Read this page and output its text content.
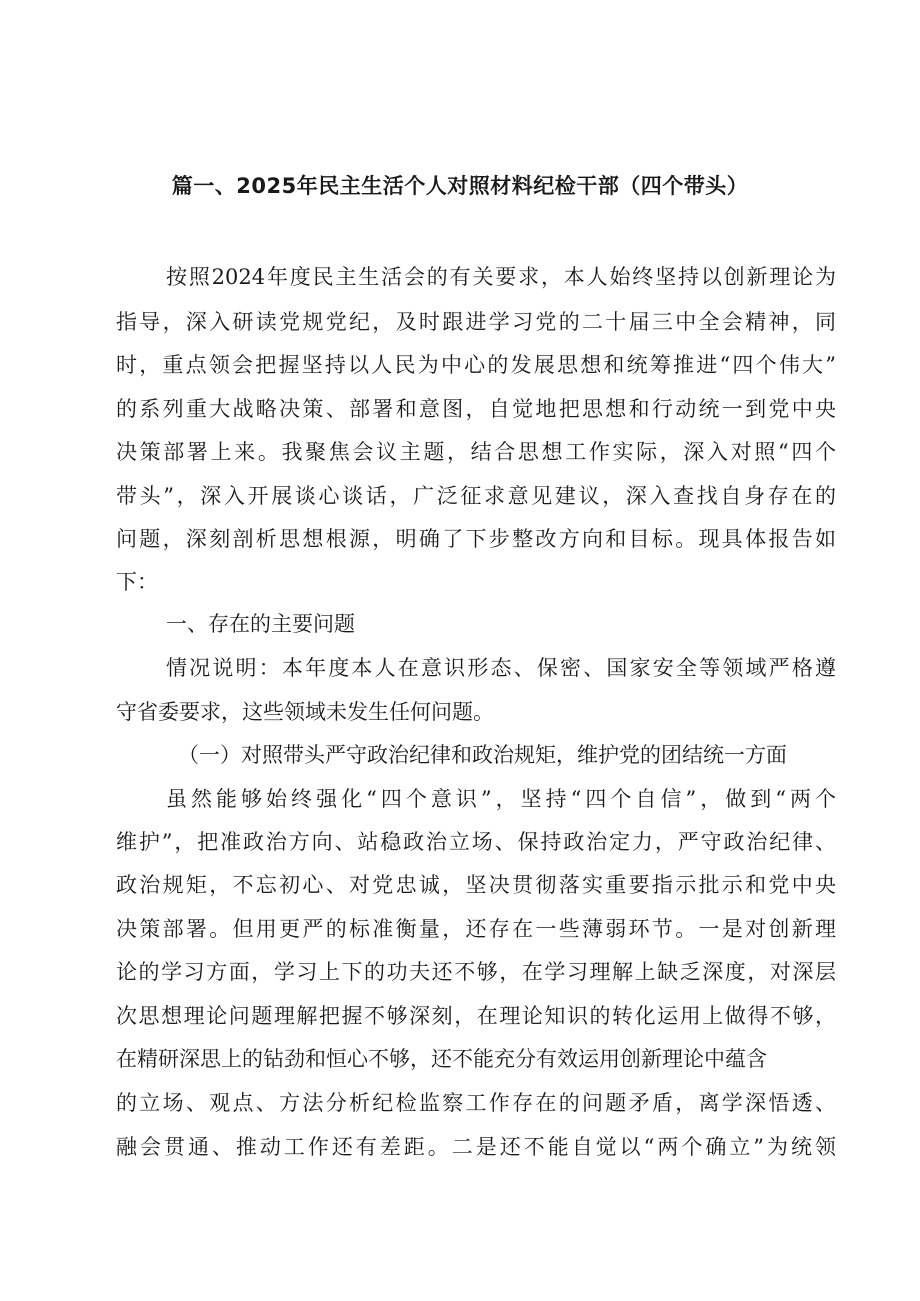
篇一、2025年民主生活个人对照材料纪检干部（四个带头）
按照2024年度民主生活会的有关要求，本人始终坚持以创新理论为
指导，深入研读党规党纪，及时跟进学习党的二十届三中全会精神，同
时，重点领会把握坚持以人民为中心的发展思想和统筹推进“四个伟大”
的系列重大战略决策、部署和意图，自觉地把思想和行动统一到党中央
决策部署上来。我聚焦会议主题，结合思想工作实际，深入对照“四个
带头”，深入开展谈心谈话，广泛征求意见建议，深入查找自身存在的
问题，深刻剖析思想根源，明确了下步整改方向和目标。现具体报告如
下：
一、存在的主要问题
情况说明：本年度本人在意识形态、保密、国家安全等领域严格遵
守省委要求，这些领域未发生任何问题。
（一）对照带头严守政治纪律和政治规矩，维护党的团结统一方面
虽然能够始终强化“四个意识”，坚持“四个自信”，做到“两个
维护”，把准政治方向、站稳政治立场、保持政治定力，严守政治纪律、
政治规矩，不忘初心、对党忠诚，坚决贯彻落实重要指示批示和党中央
决策部署。但用更严的标准衡量，还存在一些薄弱环节。一是对创新理
论的学习方面，学习上下的功夫还不够，在学习理解上缺乏深度，对深层
次思想理论问题理解把握不够深刻，在理论知识的转化运用上做得不够，
在精研深思上的钻劲和恒心不够，还不能充分有效运用创新理论中蕴含
的立场、观点、方法分析纪检监察工作存在的问题矛盾，离学深悟透、
融会贯通、推动工作还有差距。二是还不能自觉以“两个确立”为统领
